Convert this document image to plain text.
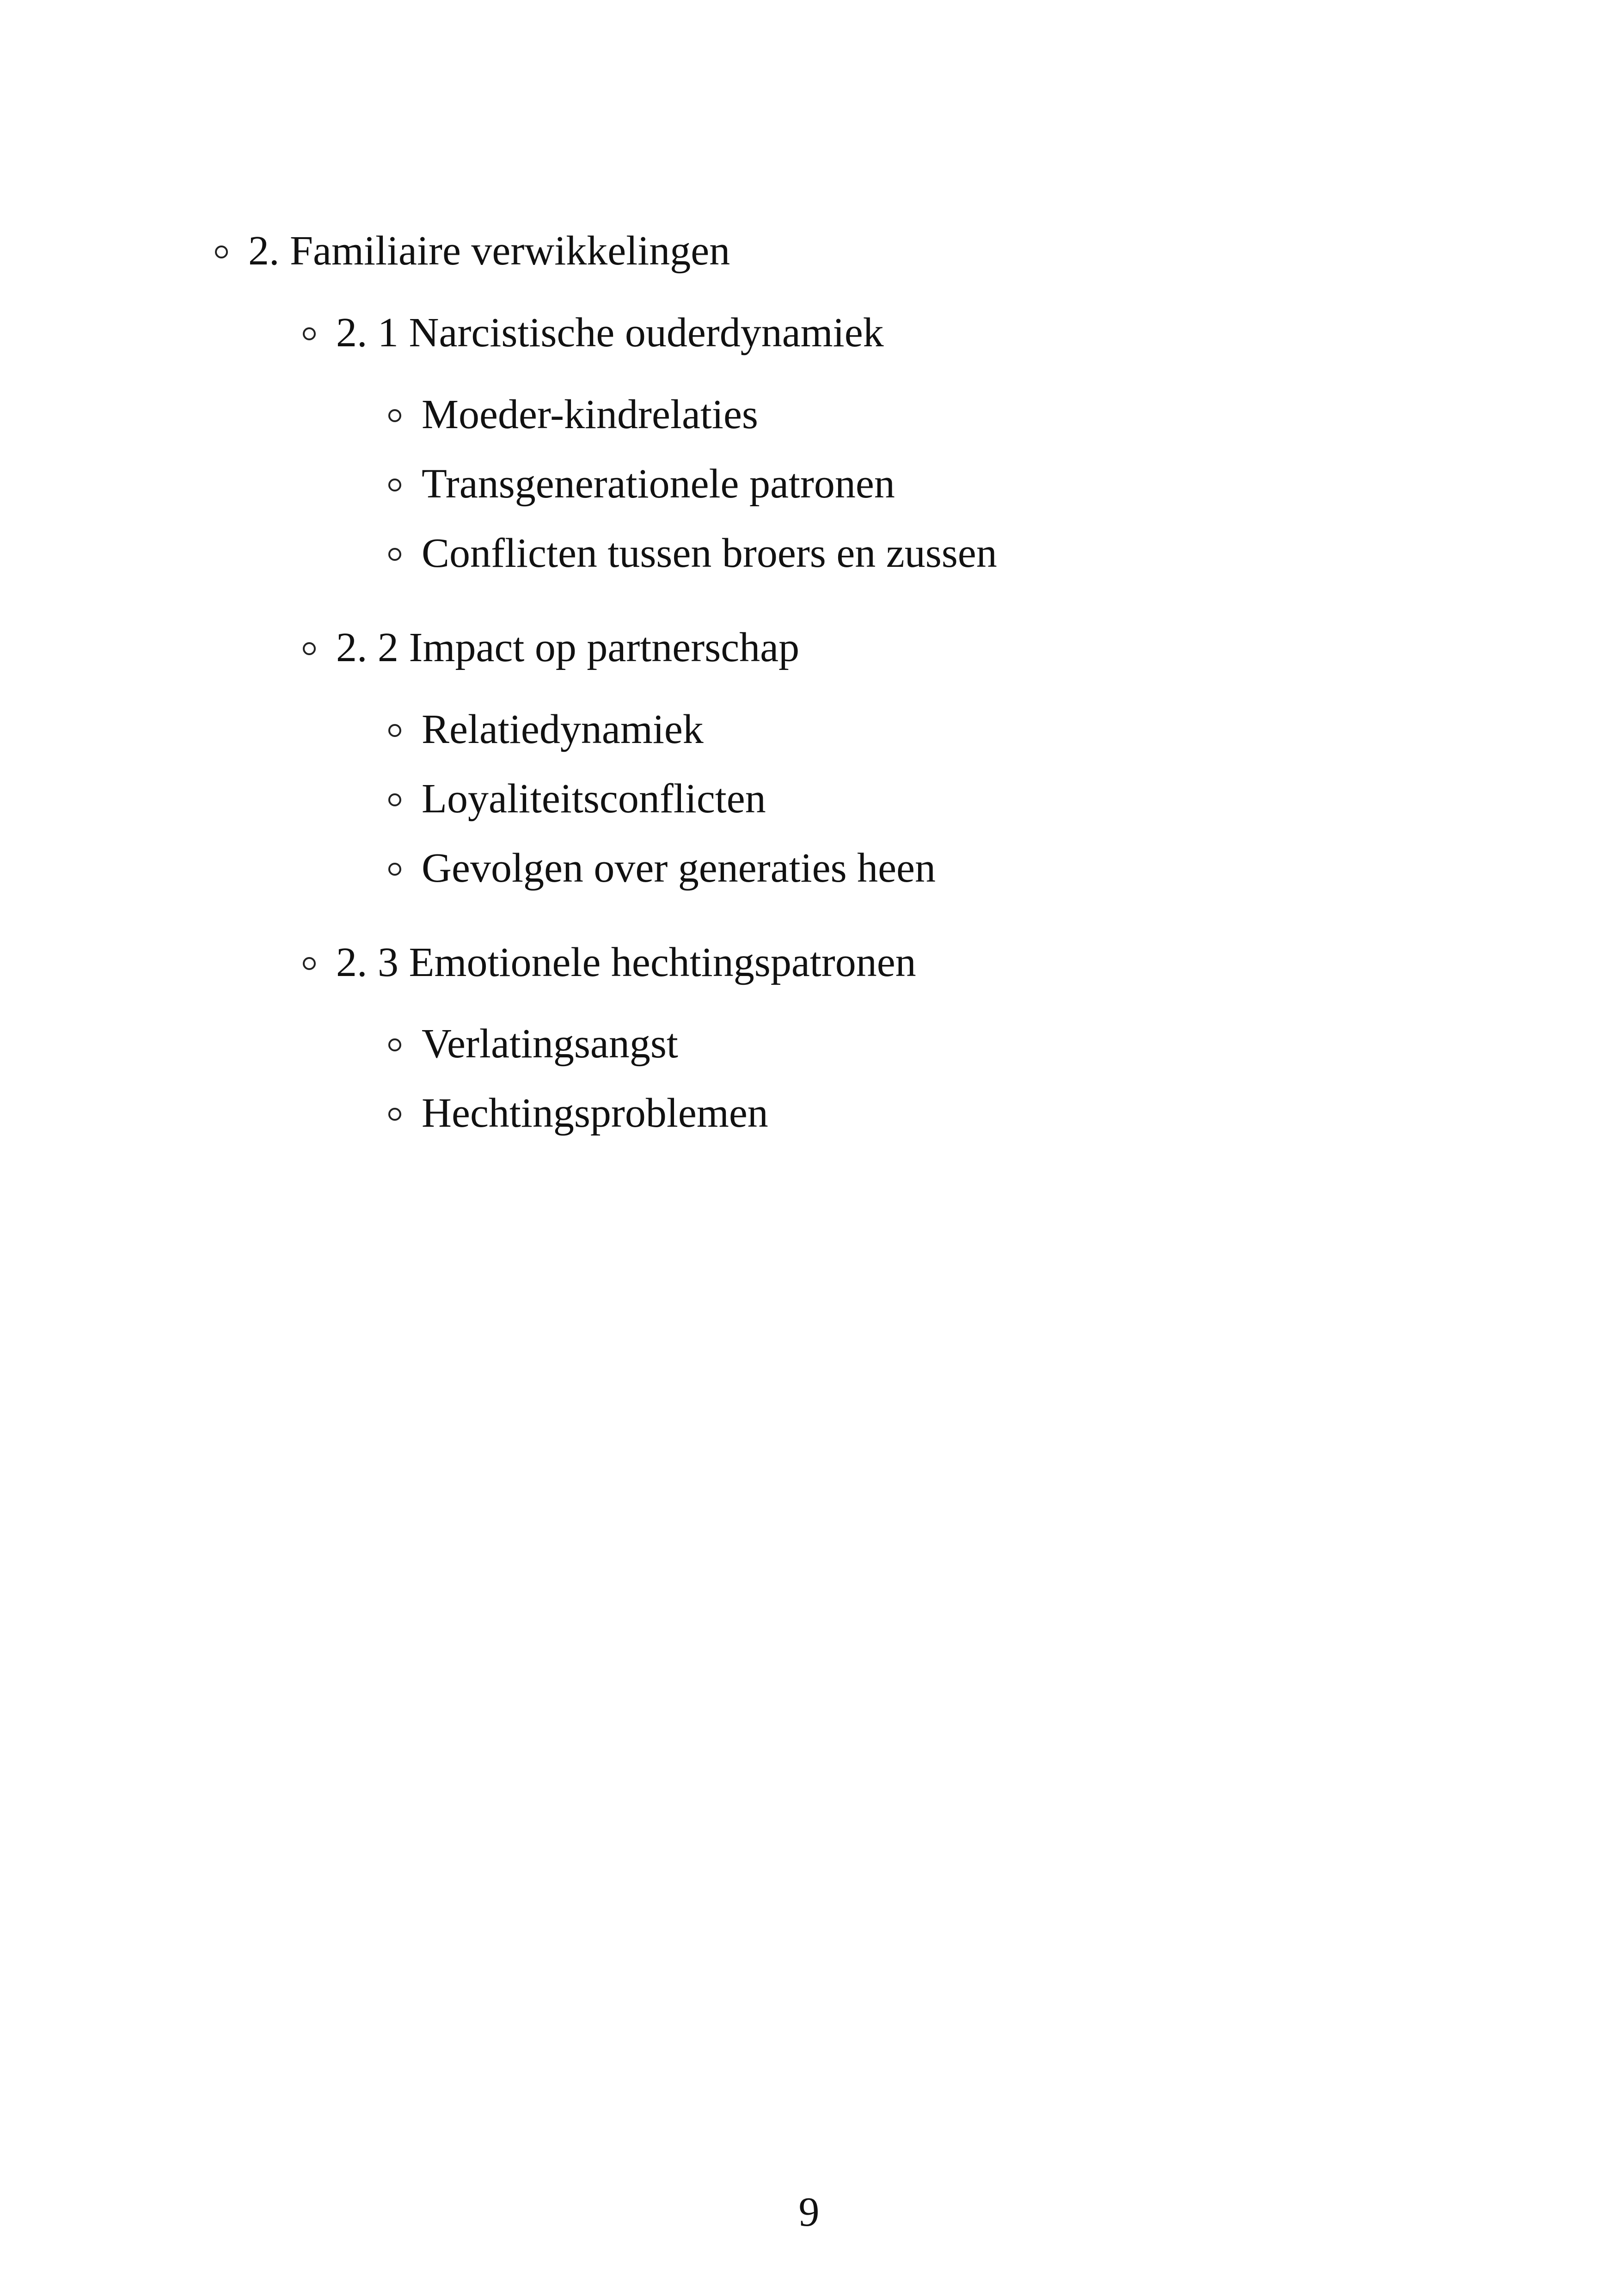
2. Familiaire verwikkelingen
2. 1 Narcistische ouderdynamiek
Moeder-kindrelaties
Transgenerationele patronen
Conflicten tussen broers en zussen
2. 2 Impact op partnerschap
Relatiedynamiek
Loyaliteitsconflicten
Gevolgen over generaties heen
2. 3 Emotionele hechtingspatronen
Verlatingsangst
Hechtingsproblemen
9
